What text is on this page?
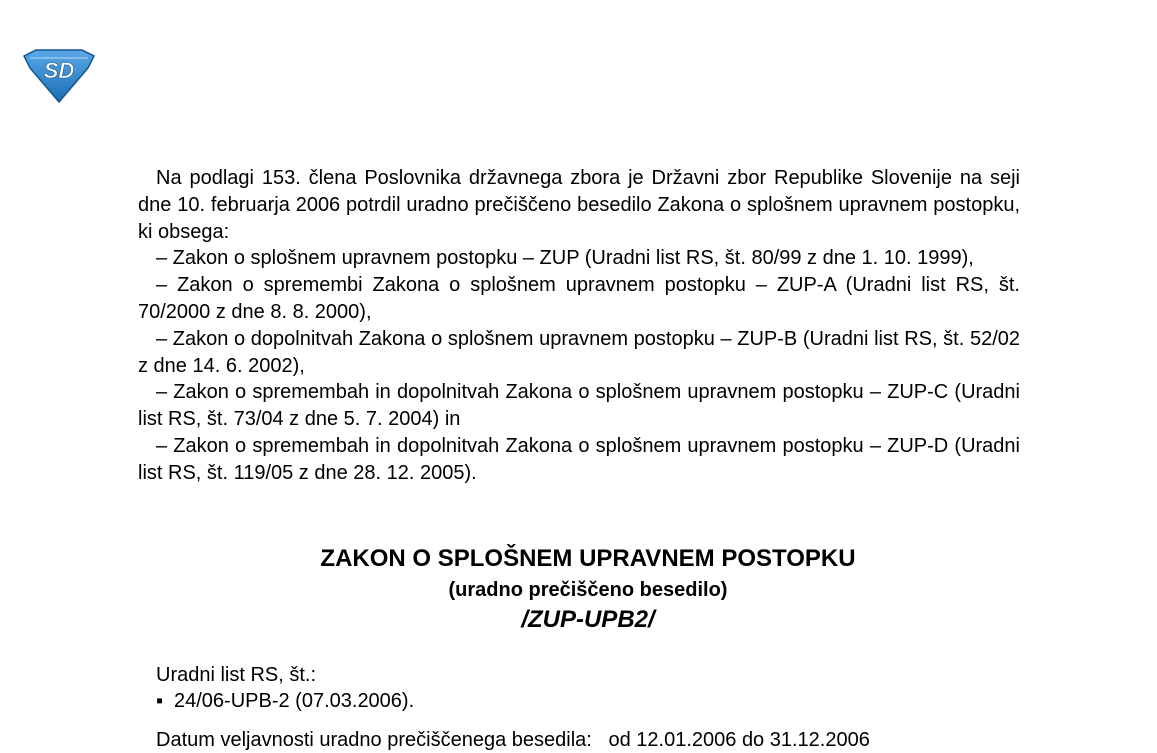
SD

Na podlagi 153. člena Poslovnika državnega zbora je Državni zbor Republike Slovenije na seji dne 10. februarja 2006 potrdil uradno prečiščeno besedilo Zakona o splošnem upravnem postopku, ki obsega:

– Zakon o splošnem upravnem postopku – ZUP (Uradni list RS, št. 80/99 z dne 1. 10. 1999),

– Zakon o spremembi Zakona o splošnem upravnem postopku – ZUP-A (Uradni list RS, št. 70/2000 z dne 8. 8. 2000),

– Zakon o dopolnitvah Zakona o splošnem upravnem postopku – ZUP-B (Uradni list RS, št. 52/02 z dne 14. 6. 2002),

– Zakon o spremembah in dopolnitvah Zakona o splošnem upravnem postopku – ZUP-C (Uradni list RS, št. 73/04 z dne 5. 7. 2004) in

– Zakon o spremembah in dopolnitvah Zakona o splošnem upravnem postopku – ZUP-D (Uradni list RS, št. 119/05 z dne 28. 12. 2005).

ZAKON O SPLOŠNEM UPRAVNEM POSTOPKU

(uradno prečiščeno besedilo)

/ZUP-UPB2/

Uradni list RS, št.:
▪ 24/06-UPB-2 (07.03.2006).
Datum veljavnosti uradno prečiščenega besedila:   od 12.01.2006 do 31.12.2006
